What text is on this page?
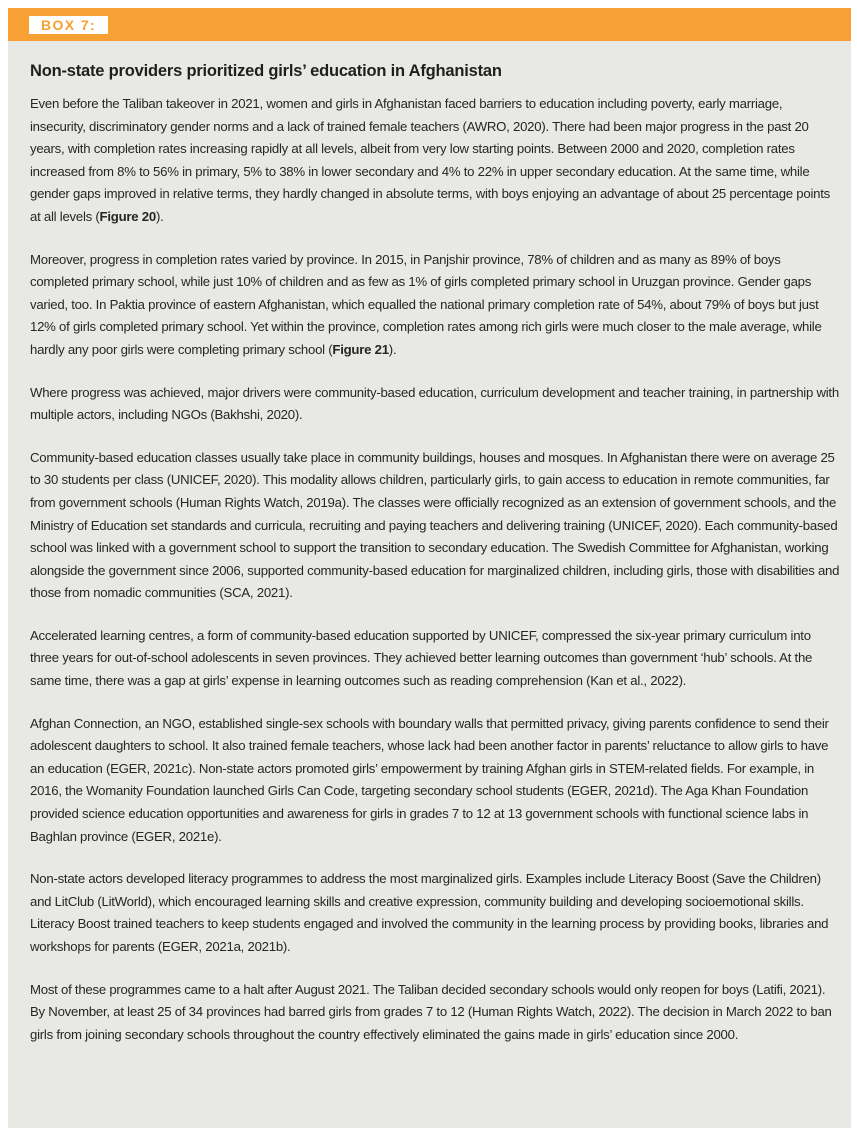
BOX 7:
Non-state providers prioritized girls’ education in Afghanistan

Even before the Taliban takeover in 2021, women and girls in Afghanistan faced barriers to education including poverty, early marriage, insecurity, discriminatory gender norms and a lack of trained female teachers (AWRO, 2020). There had been major progress in the past 20 years, with completion rates increasing rapidly at all levels, albeit from very low starting points. Between 2000 and 2020, completion rates increased from 8% to 56% in primary, 5% to 38% in lower secondary and 4% to 22% in upper secondary education. At the same time, while gender gaps improved in relative terms, they hardly changed in absolute terms, with boys enjoying an advantage of about 25 percentage points at all levels (Figure 20).

Moreover, progress in completion rates varied by province. In 2015, in Panjshir province, 78% of children and as many as 89% of boys completed primary school, while just 10% of children and as few as 1% of girls completed primary school in Uruzgan province. Gender gaps varied, too. In Paktia province of eastern Afghanistan, which equalled the national primary completion rate of 54%, about 79% of boys but just 12% of girls completed primary school. Yet within the province, completion rates among rich girls were much closer to the male average, while hardly any poor girls were completing primary school (Figure 21).

Where progress was achieved, major drivers were community-based education, curriculum development and teacher training, in partnership with multiple actors, including NGOs (Bakhshi, 2020).

Community-based education classes usually take place in community buildings, houses and mosques. In Afghanistan there were on average 25 to 30 students per class (UNICEF, 2020). This modality allows children, particularly girls, to gain access to education in remote communities, far from government schools (Human Rights Watch, 2019a). The classes were officially recognized as an extension of government schools, and the Ministry of Education set standards and curricula, recruiting and paying teachers and delivering training (UNICEF, 2020). Each community-based school was linked with a government school to support the transition to secondary education. The Swedish Committee for Afghanistan, working alongside the government since 2006, supported community-based education for marginalized children, including girls, those with disabilities and those from nomadic communities (SCA, 2021).

Accelerated learning centres, a form of community-based education supported by UNICEF, compressed the six-year primary curriculum into three years for out-of-school adolescents in seven provinces. They achieved better learning outcomes than government ‘hub’ schools. At the same time, there was a gap at girls’ expense in learning outcomes such as reading comprehension (Kan et al., 2022).

Afghan Connection, an NGO, established single-sex schools with boundary walls that permitted privacy, giving parents confidence to send their adolescent daughters to school. It also trained female teachers, whose lack had been another factor in parents’ reluctance to allow girls to have an education (EGER, 2021c). Non-state actors promoted girls’ empowerment by training Afghan girls in STEM-related fields. For example, in 2016, the Womanity Foundation launched Girls Can Code, targeting secondary school students (EGER, 2021d). The Aga Khan Foundation provided science education opportunities and awareness for girls in grades 7 to 12 at 13 government schools with functional science labs in Baghlan province (EGER, 2021e).

Non-state actors developed literacy programmes to address the most marginalized girls. Examples include Literacy Boost (Save the Children) and LitClub (LitWorld), which encouraged learning skills and creative expression, community building and developing socioemotional skills. Literacy Boost trained teachers to keep students engaged and involved the community in the learning process by providing books, libraries and workshops for parents (EGER, 2021a, 2021b).

Most of these programmes came to a halt after August 2021. The Taliban decided secondary schools would only reopen for boys (Latifi, 2021). By November, at least 25 of 34 provinces had barred girls from grades 7 to 12 (Human Rights Watch, 2022). The decision in March 2022 to ban girls from joining secondary schools throughout the country effectively eliminated the gains made in girls’ education since 2000.
